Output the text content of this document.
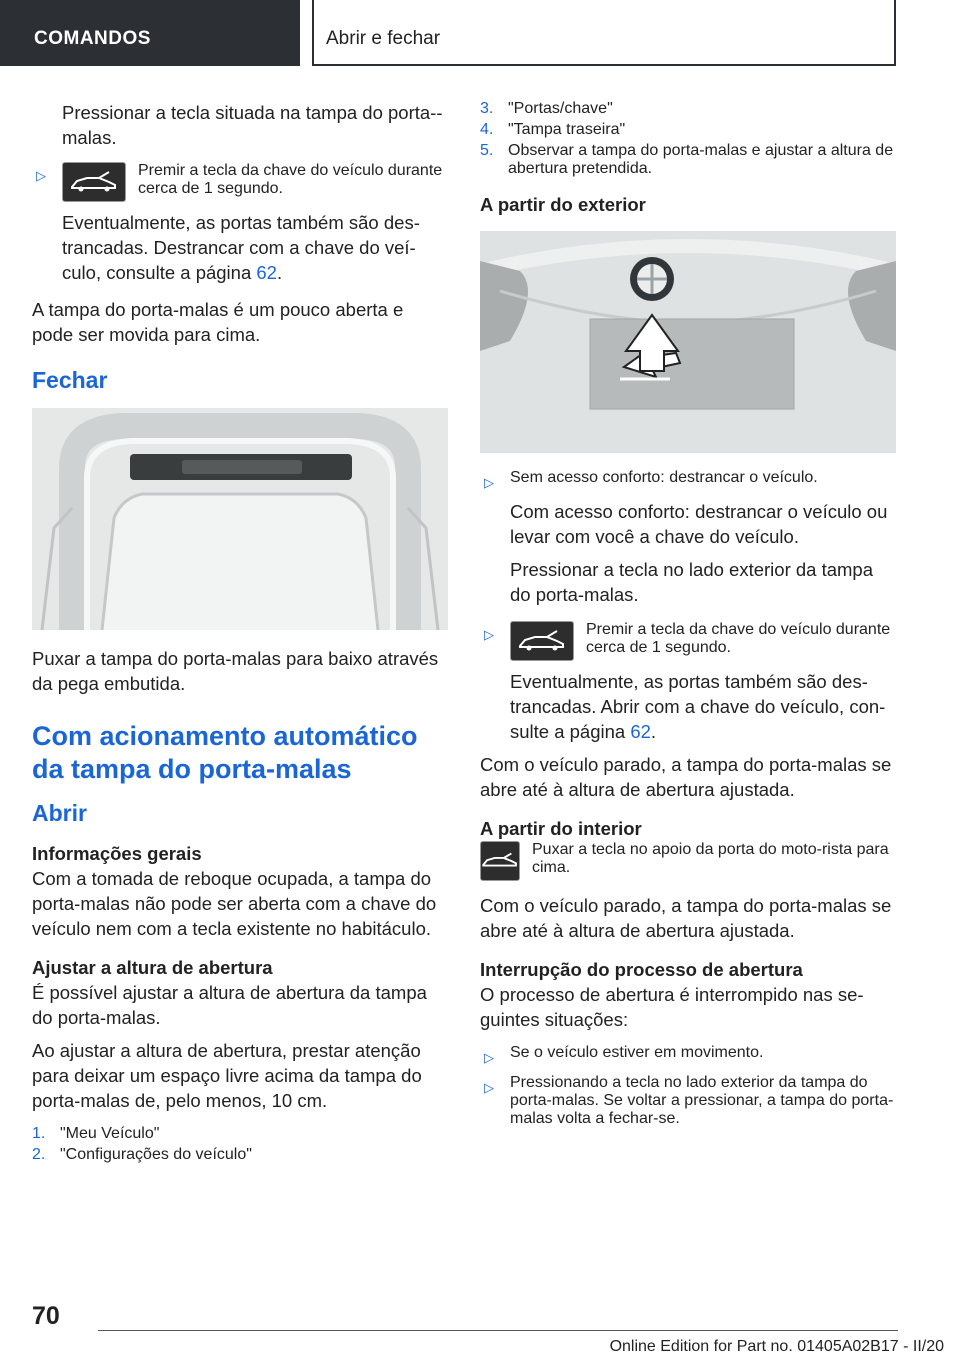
COMANDOS	Abrir e fechar

Pressionar a tecla situada na tampa do porta--malas.

▷	Premir a tecla da chave do veículo durante cerca de 1 segundo.

Eventualmente, as portas também são des-trancadas. Destrancar com a chave do veí-culo, consulte a página 62.

A tampa do porta-malas é um pouco aberta e pode ser movida para cima.

Fechar

Puxar a tampa do porta-malas para baixo através da pega embutida.

Com acionamento automático da tampa do porta-malas
Abrir
Informações gerais

Com a tomada de reboque ocupada, a tampa do porta-malas não pode ser aberta com a chave do veículo nem com a tecla existente no habitáculo.

Ajustar a altura de abertura

É possível ajustar a altura de abertura da tampa do porta-malas.

Ao ajustar a altura de abertura, prestar atenção para deixar um espaço livre acima da tampa do porta-malas de, pelo menos, 10 cm.

1. "Meu Veículo"
2. "Configurações do veículo"
3. "Portas/chave"
4. "Tampa traseira"
5. Observar a tampa do porta-malas e ajustar a altura de abertura pretendida.
A partir do exterior
▷	Sem acesso conforto: destrancar o veículo.

Com acesso conforto: destrancar o veículo ou levar com você a chave do veículo.

Pressionar a tecla no lado exterior da tampa do porta-malas.

▷	Premir a tecla da chave do veículo durante cerca de 1 segundo.

Eventualmente, as portas também são des-trancadas. Abrir com a chave do veículo, con-sulte a página 62.

Com o veículo parado, a tampa do porta-malas se abre até à altura de abertura ajustada.

A partir do interior
Puxar a tecla no apoio da porta do moto-rista para cima.

Com o veículo parado, a tampa do porta-malas se abre até à altura de abertura ajustada.

Interrupção do processo de abertura

O processo de abertura é interrompido nas se-guintes situações:

▷	Se o veículo estiver em movimento.
▷	Pressionando a tecla no lado exterior da tampa do porta-malas. Se voltar a pressionar, a tampa do porta-malas volta a fechar-se.
70
Online Edition for Part no. 01405A02B17 - II/20
